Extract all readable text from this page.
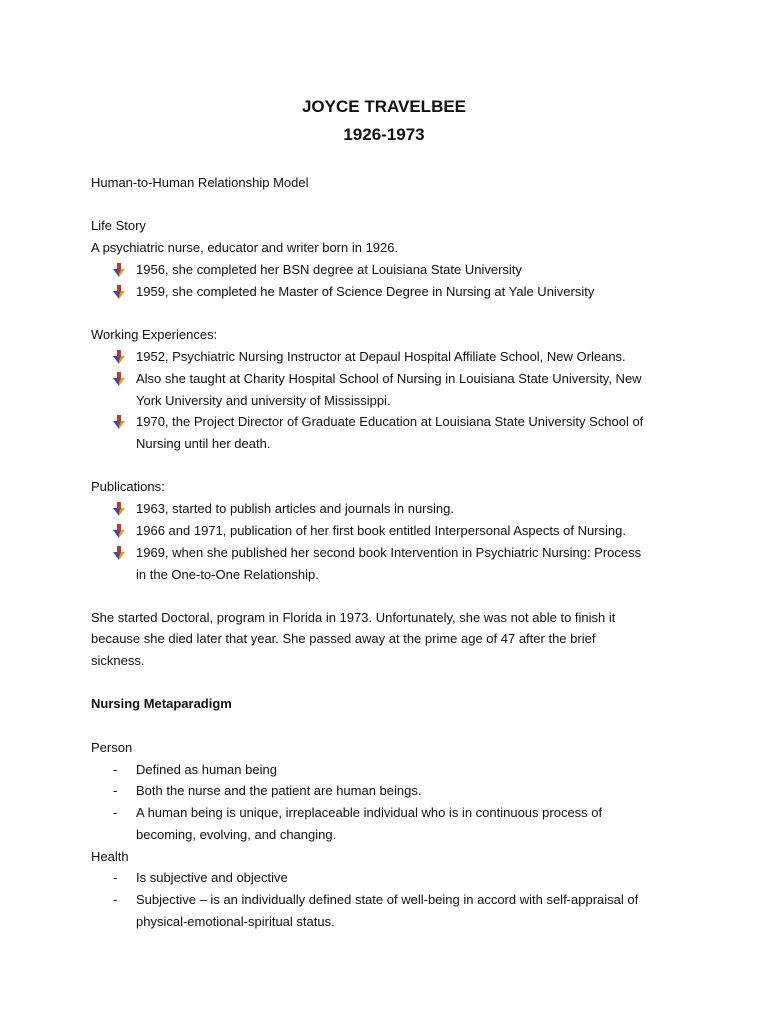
JOYCE TRAVELBEE
1926-1973
Human-to-Human Relationship Model
Life Story
A psychiatric nurse, educator and writer born in 1926.
1956, she completed her BSN degree at Louisiana State University
1959, she completed he Master of Science Degree in Nursing at Yale University
Working Experiences:
1952, Psychiatric Nursing Instructor at Depaul Hospital Affiliate School, New Orleans.
Also she taught at Charity Hospital School of Nursing in Louisiana State University, New
York University and university of Mississippi.
1970, the Project Director of Graduate Education at Louisiana State University School of
Nursing until her death.
Publications:
1963, started to publish articles and journals in nursing.
1966 and 1971, publication of her first book entitled Interpersonal Aspects of Nursing.
1969, when she published her second book Intervention in Psychiatric Nursing: Process
in the One-to-One Relationship.
She started Doctoral, program in Florida in 1973. Unfortunately, she was not able to finish it
because she died later that year. She passed away at the prime age of 47 after the brief
sickness.
Nursing Metaparadigm
Person
- Defined as human being
- Both the nurse and the patient are human beings.
- A human being is unique, irreplaceable individual who is in continuous process of
becoming, evolving, and changing.
Health
- Is subjective and objective
- Subjective – is an individually defined state of well-being in accord with self-appraisal of
physical-emotional-spiritual status.
